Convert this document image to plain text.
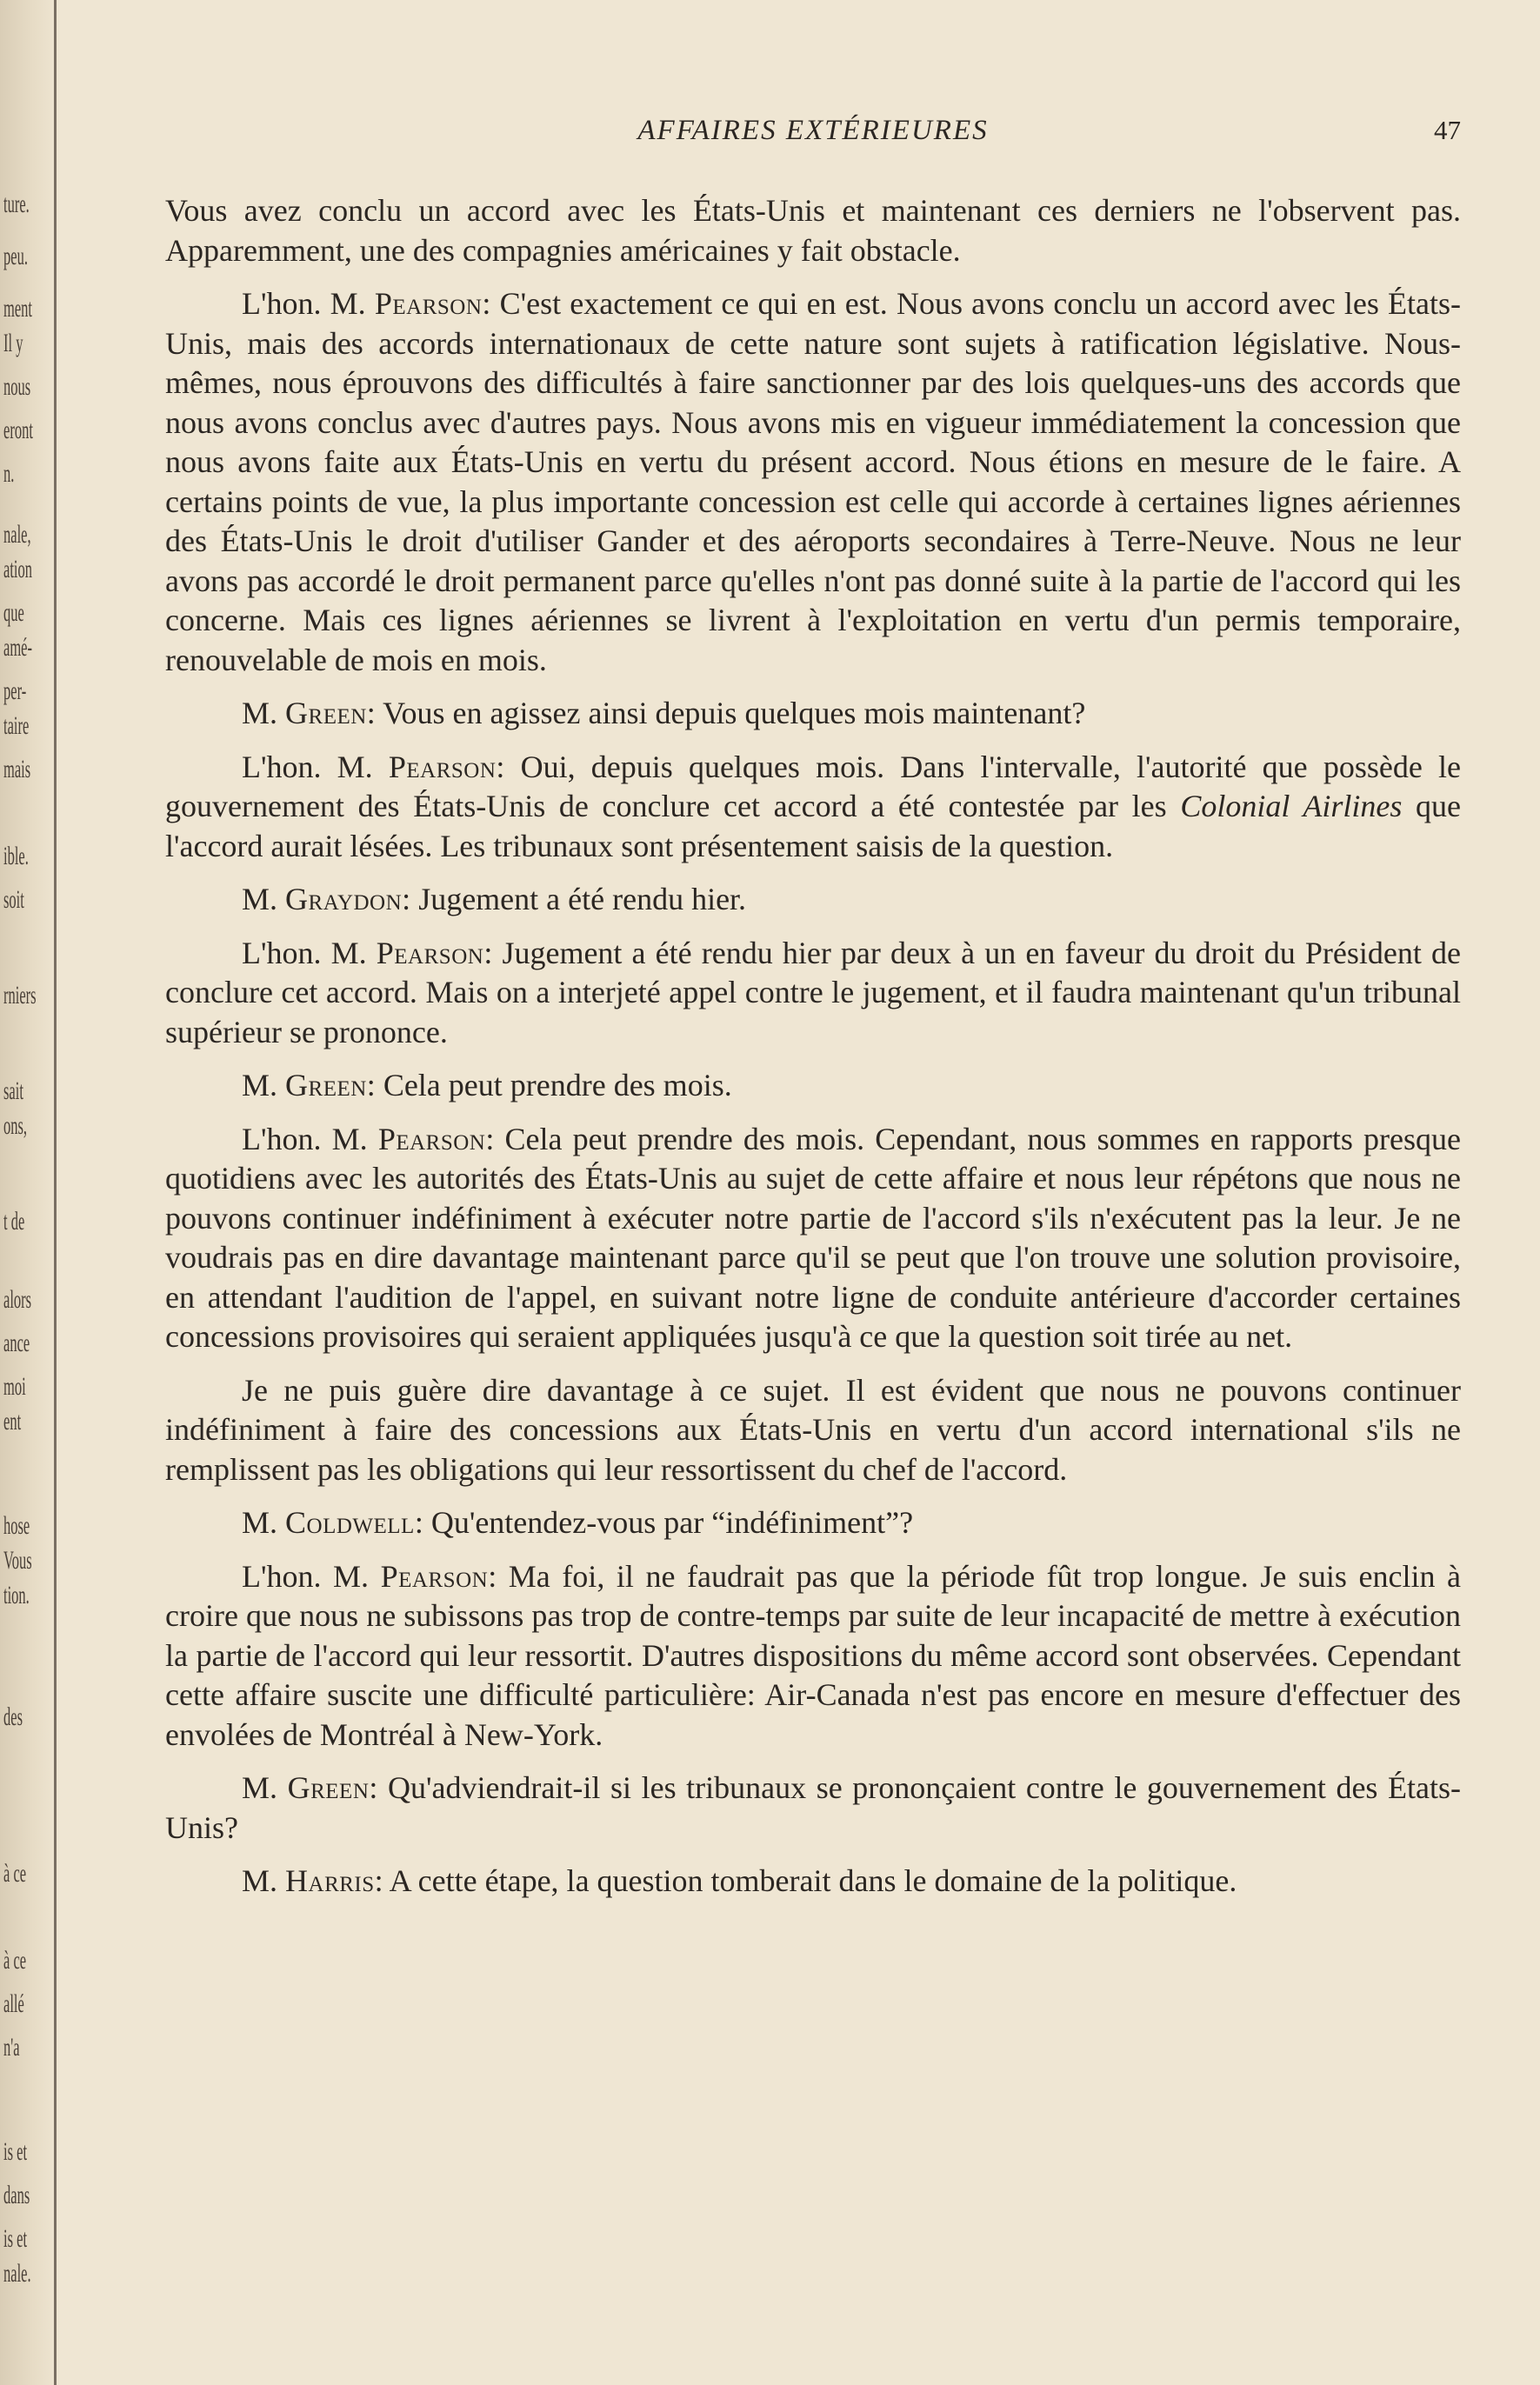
ture.
peu.
ment
Il y
nous
eront
n.
nale,
ation
que
amé-
per-
taire
mais
ible.
soit
rniers
sait
ons,
t de
alors
ance
moi
ent
hose
Vous
tion.
des
à ce
à ce
allé
n'a
is et
dans
is et
nale.
AFFAIRES EXTÉRIEURES	47

Vous avez conclu un accord avec les États-Unis et maintenant ces derniers ne l'observent pas. Apparemment, une des compagnies américaines y fait obstacle.

L'hon. M. Pearson: C'est exactement ce qui en est. Nous avons conclu un accord avec les États-Unis, mais des accords internationaux de cette nature sont sujets à ratification législative. Nous-mêmes, nous éprouvons des difficultés à faire sanctionner par des lois quelques-uns des accords que nous avons conclus avec d'autres pays. Nous avons mis en vigueur immédiatement la concession que nous avons faite aux États-Unis en vertu du présent accord. Nous étions en mesure de le faire. A certains points de vue, la plus importante concession est celle qui accorde à certaines lignes aériennes des États-Unis le droit d'utiliser Gander et des aéroports secondaires à Terre-Neuve. Nous ne leur avons pas accordé le droit permanent parce qu'elles n'ont pas donné suite à la partie de l'accord qui les concerne. Mais ces lignes aériennes se livrent à l'exploitation en vertu d'un permis temporaire, renouvelable de mois en mois.

M. Green: Vous en agissez ainsi depuis quelques mois maintenant?

L'hon. M. Pearson: Oui, depuis quelques mois. Dans l'intervalle, l'autorité que possède le gouvernement des États-Unis de conclure cet accord a été contestée par les Colonial Airlines que l'accord aurait lésées. Les tribunaux sont présentement saisis de la question.

M. Graydon: Jugement a été rendu hier.

L'hon. M. Pearson: Jugement a été rendu hier par deux à un en faveur du droit du Président de conclure cet accord. Mais on a interjeté appel contre le jugement, et il faudra maintenant qu'un tribunal supérieur se prononce.

M. Green: Cela peut prendre des mois.

L'hon. M. Pearson: Cela peut prendre des mois. Cependant, nous sommes en rapports presque quotidiens avec les autorités des États-Unis au sujet de cette affaire et nous leur répétons que nous ne pouvons continuer indéfiniment à exécuter notre partie de l'accord s'ils n'exécutent pas la leur. Je ne voudrais pas en dire davantage maintenant parce qu'il se peut que l'on trouve une solution provisoire, en attendant l'audition de l'appel, en suivant notre ligne de conduite antérieure d'accorder certaines concessions provisoires qui seraient appliquées jusqu'à ce que la question soit tirée au net.

Je ne puis guère dire davantage à ce sujet. Il est évident que nous ne pouvons continuer indéfiniment à faire des concessions aux États-Unis en vertu d'un accord international s'ils ne remplissent pas les obligations qui leur ressortissent du chef de l'accord.

M. Coldwell: Qu'entendez-vous par “indéfiniment”?

L'hon. M. Pearson: Ma foi, il ne faudrait pas que la période fût trop longue. Je suis enclin à croire que nous ne subissons pas trop de contre-temps par suite de leur incapacité de mettre à exécution la partie de l'accord qui leur ressortit. D'autres dispositions du même accord sont observées. Cependant cette affaire suscite une difficulté particulière: Air-Canada n'est pas encore en mesure d'effectuer des envolées de Montréal à New-York.

M. Green: Qu'adviendrait-il si les tribunaux se prononçaient contre le gouvernement des États-Unis?

M. Harris: A cette étape, la question tomberait dans le domaine de la politique.
